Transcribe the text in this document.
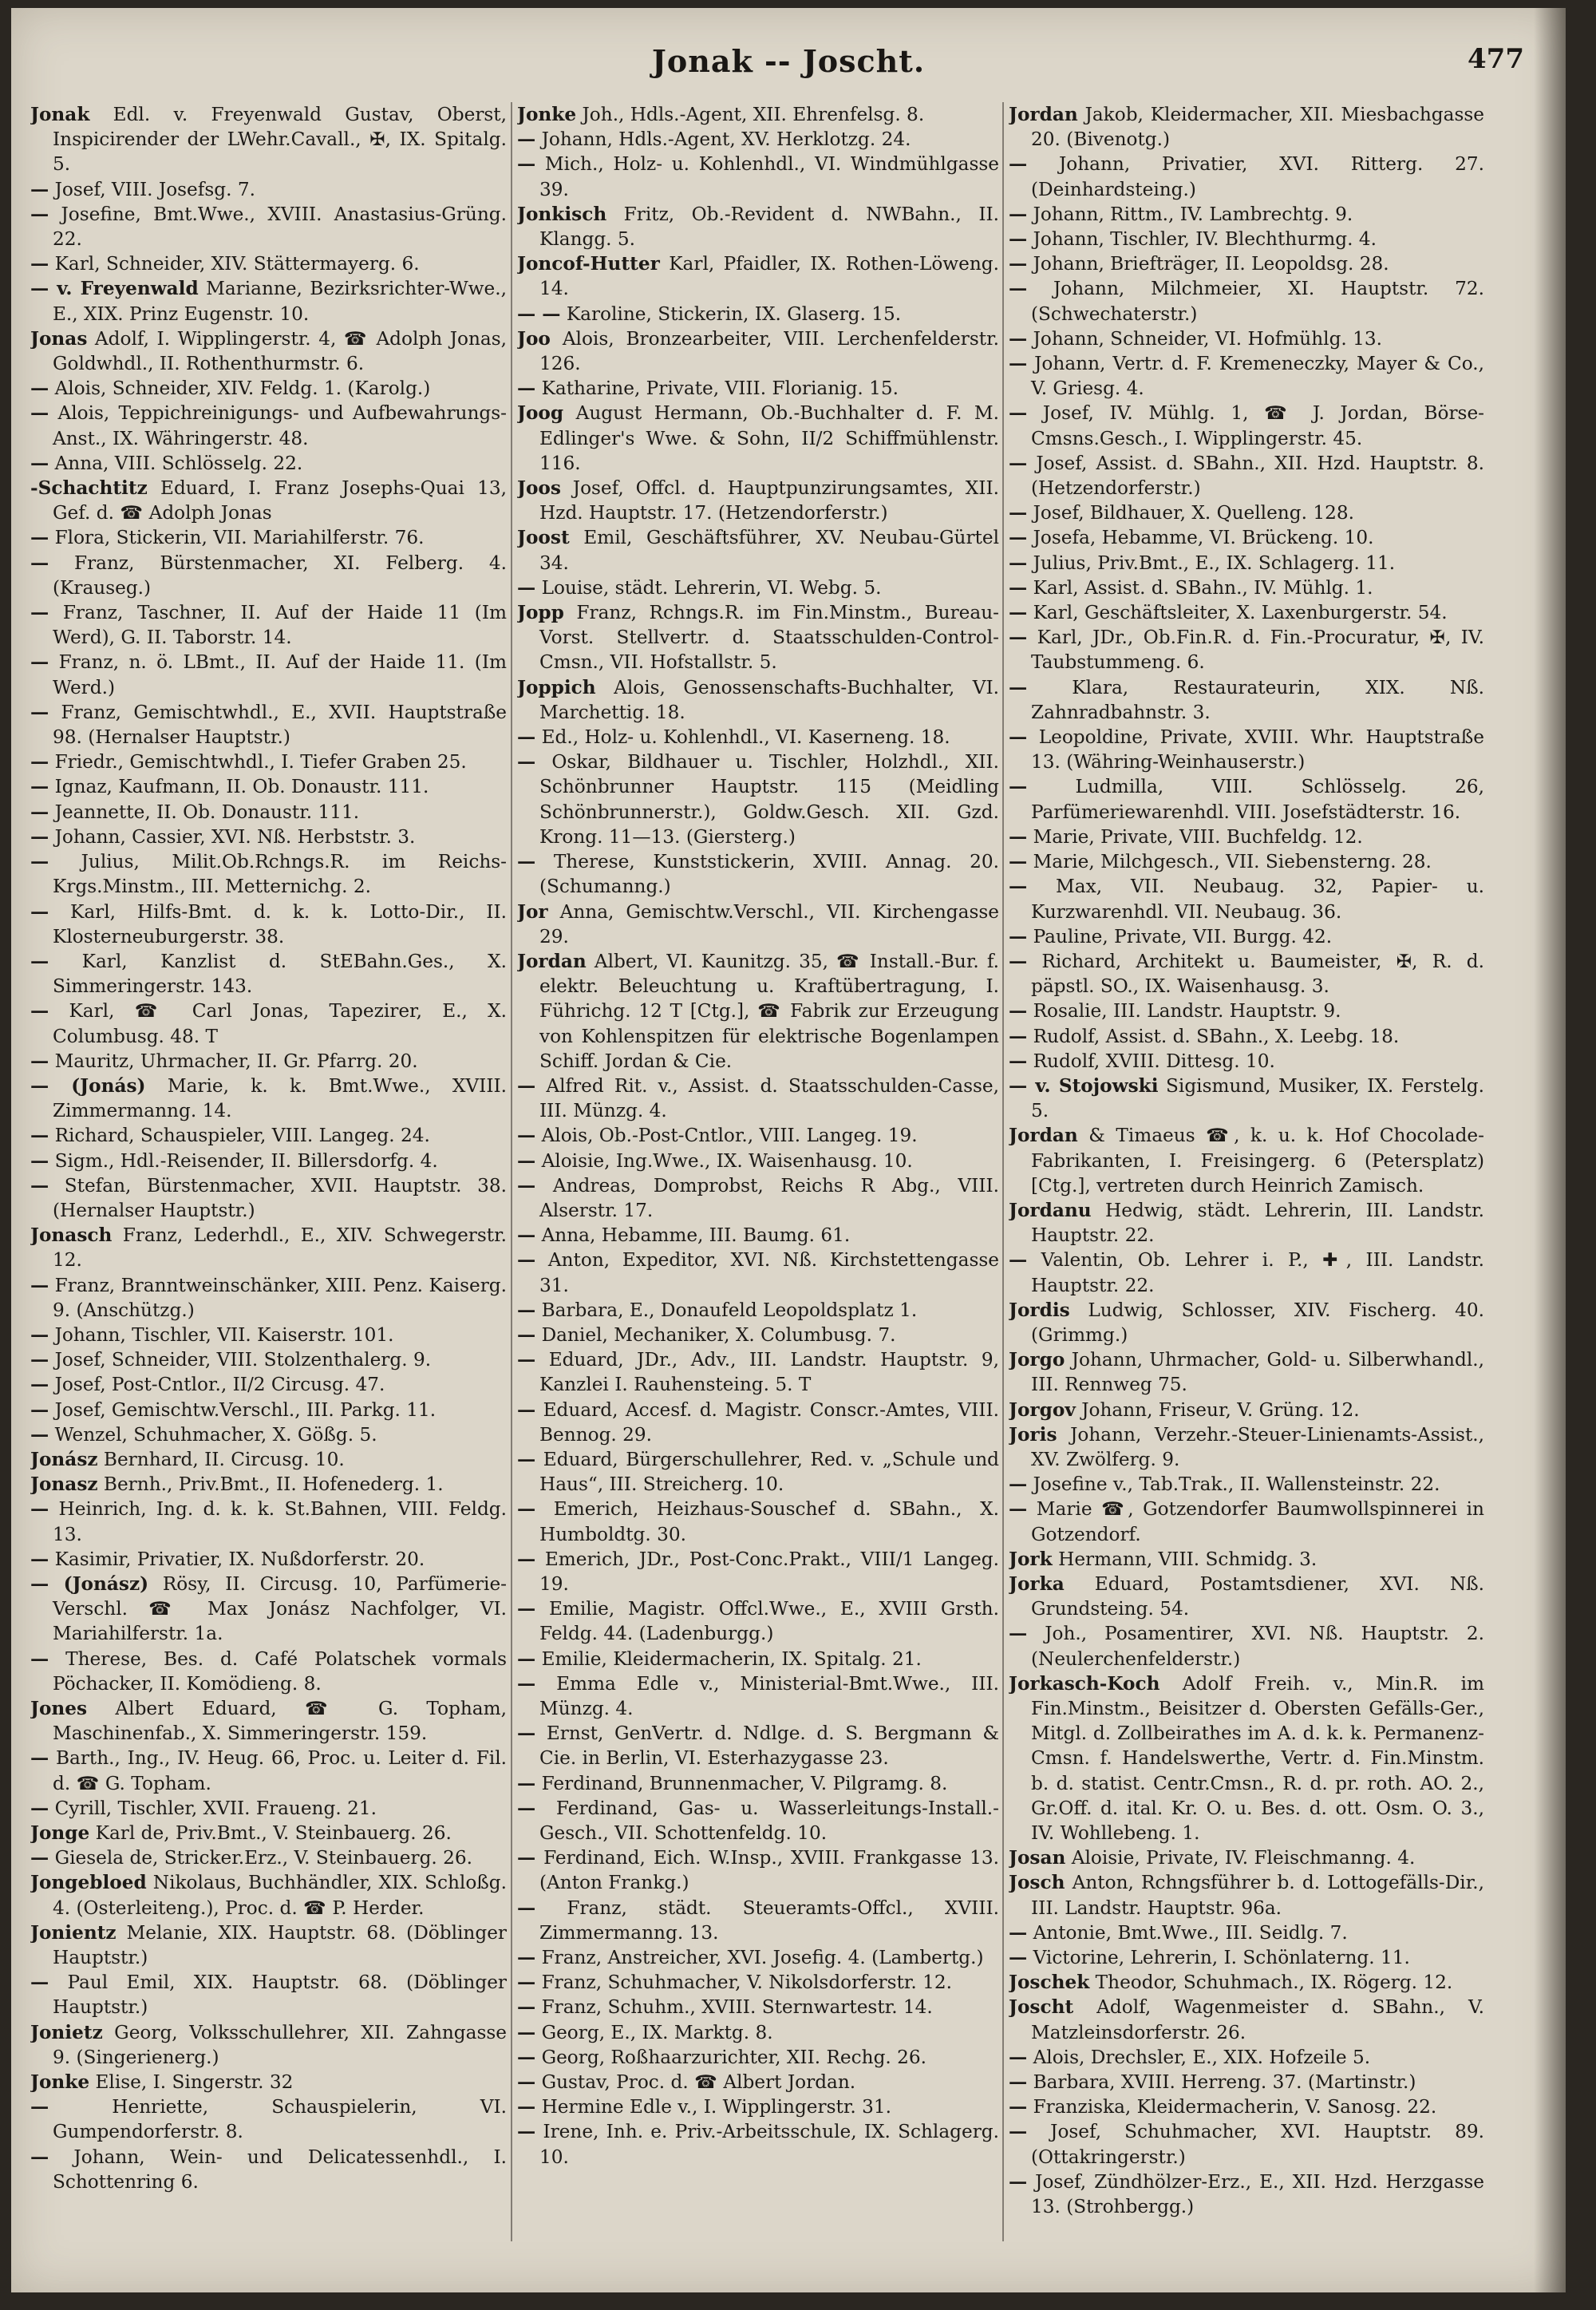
Jonak -- Joscht.	477

Jonak Edl. v. Freyenwald Gustav, Oberst, Inspicirender der LWehr.Cavall., ✠, IX. Spitalg. 5.

— Josef, VIII. Josefsg. 7.

— Josefine, Bmt.Wwe., XVIII. Anastasius-Grüng. 22.

— Karl, Schneider, XIV. Stättermayerg. 6.

— v. Freyenwald Marianne, Bezirksrichter-Wwe., E., XIX. Prinz Eugenstr. 10.

Jonas Adolf, I. Wipplingerstr. 4, ☎ Adolph Jonas, Goldwhdl., II. Rothenthurmstr. 6.

— Alois, Schneider, XIV. Feldg. 1. (Karolg.)

— Alois, Teppichreinigungs- und Aufbewahrungs-Anst., IX. Währingerstr. 48.

— Anna, VIII. Schlösselg. 22.

-Schachtitz Eduard, I. Franz Josephs-Quai 13, Gef. d. ☎ Adolph Jonas

— Flora, Stickerin, VII. Mariahilferstr. 76.

— Franz, Bürstenmacher, XI. Felberg. 4. (Krauseg.)

— Franz, Taschner, II. Auf der Haide 11 (Im Werd), G. II. Taborstr. 14.

— Franz, n. ö. LBmt., II. Auf der Haide 11. (Im Werd.)

— Franz, Gemischtwhdl., E., XVII. Hauptstraße 98. (Hernalser Hauptstr.)

— Friedr., Gemischtwhdl., I. Tiefer Graben 25.

— Ignaz, Kaufmann, II. Ob. Donaustr. 111.

— Jeannette, II. Ob. Donaustr. 111.

— Johann, Cassier, XVI. Nß. Herbststr. 3.

— Julius, Milit.Ob.Rchngs.R. im Reichs-Krgs.Minstm., III. Metternichg. 2.

— Karl, Hilfs-Bmt. d. k. k. Lotto-Dir., II. Klosterneuburgerstr. 38.

— Karl, Kanzlist d. StEBahn.Ges., X. Simmeringerstr. 143.

— Karl, ☎ Carl Jonas, Tapezirer, E., X. Columbusg. 48. T

— Mauritz, Uhrmacher, II. Gr. Pfarrg. 20.

— (Jonás) Marie, k. k. Bmt.Wwe., XVIII. Zimmermanng. 14.

— Richard, Schauspieler, VIII. Langeg. 24.

— Sigm., Hdl.-Reisender, II. Billersdorfg. 4.

— Stefan, Bürstenmacher, XVII. Hauptstr. 38. (Hernalser Hauptstr.)

Jonasch Franz, Lederhdl., E., XIV. Schwegerstr. 12.

— Franz, Branntweinschänker, XIII. Penz. Kaiserg. 9. (Anschützg.)

— Johann, Tischler, VII. Kaiserstr. 101.

— Josef, Schneider, VIII. Stolzenthalerg. 9.

— Josef, Post-Cntlor., II/2 Circusg. 47.

— Josef, Gemischtw.Verschl., III. Parkg. 11.

— Wenzel, Schuhmacher, X. Gößg. 5.

Jonász Bernhard, II. Circusg. 10.

Jonasz Bernh., Priv.Bmt., II. Hofenederg. 1.

— Heinrich, Ing. d. k. k. St.Bahnen, VIII. Feldg. 13.

— Kasimir, Privatier, IX. Nußdorferstr. 20.

— (Jonász) Rösy, II. Circusg. 10, Parfümerie-Verschl. ☎ Max Jonász Nachfolger, VI. Mariahilferstr. 1a.

— Therese, Bes. d. Café Polatschek vormals Pöchacker, II. Komödieng. 8.

Jones Albert Eduard, ☎ G. Topham, Maschinenfab., X. Simmeringerstr. 159.

— Barth., Ing., IV. Heug. 66, Proc. u. Leiter d. Fil. d. ☎ G. Topham.

— Cyrill, Tischler, XVII. Fraueng. 21.

Jonge Karl de, Priv.Bmt., V. Steinbauerg. 26.

— Giesela de, Stricker.Erz., V. Steinbauerg. 26.

Jongebloed Nikolaus, Buchhändler, XIX. Schloßg. 4. (Osterleiteng.), Proc. d. ☎ P. Herder.

Jonientz Melanie, XIX. Hauptstr. 68. (Döblinger Hauptstr.)

— Paul Emil, XIX. Hauptstr. 68. (Döblinger Hauptstr.)

Jonietz Georg, Volksschullehrer, XII. Zahngasse 9. (Singerienerg.)

Jonke Elise, I. Singerstr. 32

—	Henriette, Schauspielerin, VI. Gumpendorferstr. 8.

— Johann, Wein- und Delicatessenhdl., I. Schottenring 6.

Jonke Joh., Hdls.-Agent, XII. Ehrenfelsg. 8.

— Johann, Hdls.-Agent, XV. Herklotzg. 24.

— Mich., Holz- u. Kohlenhdl., VI. Windmühlgasse 39.

Jonkisch Fritz, Ob.-Revident d. NWBahn., II. Klangg. 5.

Joncof-Hutter Karl, Pfaidler, IX. Rothen-Löweng. 14.

— — Karoline, Stickerin, IX. Glaserg. 15.

Joo Alois, Bronzearbeiter, VIII. Lerchenfelderstr. 126.

— Katharine, Private, VIII. Florianig. 15.

Joog August Hermann, Ob.-Buchhalter d. F. M. Edlinger's Wwe. & Sohn, II/2 Schiffmühlenstr. 116.

Joos Josef, Offcl. d. Hauptpunzirungsamtes, XII. Hzd. Hauptstr. 17. (Hetzendorferstr.)

Joost Emil, Geschäftsführer, XV. Neubau-Gürtel 34.

— Louise, städt. Lehrerin, VI. Webg. 5.

Jopp Franz, Rchngs.R. im Fin.Minstm., Bureau-Vorst. Stellvertr. d. Staatsschulden-Control-Cmsn., VII. Hofstallstr. 5.

Joppich Alois, Genossenschafts-Buchhalter, VI. Marchettig. 18.

— Ed., Holz- u. Kohlenhdl., VI. Kaserneng. 18.

— Oskar, Bildhauer u. Tischler, Holzhdl., XII. Schönbrunner Hauptstr. 115 (Meidling Schönbrunnerstr.), Goldw.Gesch. XII. Gzd. Krong. 11—13. (Giersterg.)

— Therese, Kunststickerin, XVIII. Annag. 20. (Schumanng.)

Jor Anna, Gemischtw.Verschl., VII. Kirchengasse 29.

Jordan Albert, VI. Kaunitzg. 35, ☎ Install.-Bur. f. elektr. Beleuchtung u. Kraftübertragung, I. Führichg. 12 T [Ctg.], ☎ Fabrik zur Erzeugung von Kohlenspitzen für elektrische Bogenlampen Schiff. Jordan & Cie.

— Alfred Rit. v., Assist. d. Staatsschulden-Casse, III. Münzg. 4.

— Alois, Ob.-Post-Cntlor., VIII. Langeg. 19.

— Aloisie, Ing.Wwe., IX. Waisenhausg. 10.

— Andreas, Domprobst, Reichs R Abg., VIII. Alserstr. 17.

— Anna, Hebamme, III. Baumg. 61.

— Anton, Expeditor, XVI. Nß. Kirchstettengasse 31.

— Barbara, E., Donaufeld Leopoldsplatz 1.

— Daniel, Mechaniker, X. Columbusg. 7.

— Eduard, JDr., Adv., III. Landstr. Hauptstr. 9, Kanzlei I. Rauhensteing. 5. T

— Eduard, Accesf. d. Magistr. Conscr.-Amtes, VIII. Bennog. 29.

— Eduard, Bürgerschullehrer, Red. v. „Schule und Haus“, III. Streicherg. 10.

— Emerich, Heizhaus-Souschef d. SBahn., X. Humboldtg. 30.

— Emerich, JDr., Post-Conc.Prakt., VIII/1 Langeg. 19.

— Emilie, Magistr. Offcl.Wwe., E., XVIII Grsth. Feldg. 44. (Ladenburgg.)

— Emilie, Kleidermacherin, IX. Spitalg. 21.

— Emma Edle v., Ministerial-Bmt.Wwe., III. Münzg. 4.

— Ernst, GenVertr. d. Ndlge. d. S. Bergmann & Cie. in Berlin, VI. Esterhazygasse 23.

— Ferdinand, Brunnenmacher, V. Pilgramg. 8.

— Ferdinand, Gas- u. Wasserleitungs-Install.-Gesch., VII. Schottenfeldg. 10.

— Ferdinand, Eich. W.Insp., XVIII. Frankgasse 13. (Anton Frankg.)

— Franz, städt. Steueramts-Offcl., XVIII. Zimmermanng. 13.

— Franz, Anstreicher, XVI. Josefig. 4. (Lambertg.)

— Franz, Schuhmacher, V. Nikolsdorferstr. 12.

— Franz, Schuhm., XVIII. Sternwartestr. 14.

— Georg, E., IX. Marktg. 8.

— Georg, Roßhaarzurichter, XII. Rechg. 26.

— Gustav, Proc. d. ☎ Albert Jordan.

— Hermine Edle v., I. Wipplingerstr. 31.

— Irene, Inh. e. Priv.-Arbeitsschule, IX. Schlagerg. 10.

Jordan Jakob, Kleidermacher, XII. Miesbachgasse 20. (Bivenotg.)

— Johann, Privatier, XVI. Ritterg. 27. (Deinhardsteing.)

— Johann, Rittm., IV. Lambrechtg. 9.

— Johann, Tischler, IV. Blechthurmg. 4.

— Johann, Briefträger, II. Leopoldsg. 28.

— Johann, Milchmeier, XI. Hauptstr. 72. (Schwechaterstr.)

— Johann, Schneider, VI. Hofmühlg. 13.

— Johann, Vertr. d. F. Kremeneczky, Mayer & Co., V. Griesg. 4.

— Josef, IV. Mühlg. 1, ☎ J. Jordan, Börse-Cmsns.Gesch., I. Wipplingerstr. 45.

— Josef, Assist. d. SBahn., XII. Hzd. Hauptstr. 8. (Hetzendorferstr.)

— Josef, Bildhauer, X. Quelleng. 128.

— Josefa, Hebamme, VI. Brückeng. 10.

— Julius, Priv.Bmt., E., IX. Schlagerg. 11.

— Karl, Assist. d. SBahn., IV. Mühlg. 1.

— Karl, Geschäftsleiter, X. Laxenburgerstr. 54.

— Karl, JDr., Ob.Fin.R. d. Fin.-Procuratur, ✠, IV. Taubstummeng. 6.

— Klara, Restaurateurin, XIX. Nß. Zahnradbahnstr. 3.

— Leopoldine, Private, XVIII. Whr. Hauptstraße 13. (Währing-Weinhauserstr.)

—	Ludmilla, VIII. Schlösselg. 26, Parfümeriewarenhdl. VIII. Josefstädterstr. 16.

— Marie, Private, VIII. Buchfeldg. 12.

— Marie, Milchgesch., VII. Siebensterng. 28.

— Max, VII. Neubaug. 32, Papier- u. Kurzwarenhdl. VII. Neubaug. 36.

— Pauline, Private, VII. Burgg. 42.

— Richard, Architekt u. Baumeister, ✠, R. d. päpstl. SO., IX. Waisenhausg. 3.

— Rosalie, III. Landstr. Hauptstr. 9.

— Rudolf, Assist. d. SBahn., X. Leebg. 18.

— Rudolf, XVIII. Dittesg. 10.

— v. Stojowski Sigismund, Musiker, IX. Ferstelg. 5.

Jordan & Timaeus ☎, k. u. k. Hof Chocolade-Fabrikanten, I. Freisingerg. 6 (Petersplatz) [Ctg.], vertreten durch Heinrich Zamisch.

Jordanu Hedwig, städt. Lehrerin, III. Landstr. Hauptstr. 22.

— Valentin, Ob. Lehrer i. P., ✚, III. Landstr. Hauptstr. 22.

Jordis Ludwig, Schlosser, XIV. Fischerg. 40. (Grimmg.)

Jorgo Johann, Uhrmacher, Gold- u. Silberwhandl., III. Rennweg 75.

Jorgov Johann, Friseur, V. Grüng. 12.

Joris Johann, Verzehr.-Steuer-Linienamts-Assist., XV. Zwölferg. 9.

— Josefine v., Tab.Trak., II. Wallensteinstr. 22.

— Marie ☎, Gotzendorfer Baumwollspinnerei in Gotzendorf.

Jork Hermann, VIII. Schmidg. 3.

Jorka Eduard, Postamtsdiener, XVI. Nß. Grundsteing. 54.

— Joh., Posamentirer, XVI. Nß. Hauptstr. 2. (Neulerchenfelderstr.)

Jorkasch-Koch Adolf Freih. v., Min.R. im Fin.Minstm., Beisitzer d. Obersten Gefälls-Ger., Mitgl. d. Zollbeirathes im A. d. k. k. Permanenz-Cmsn. f. Handelswerthe, Vertr. d. Fin.Minstm. b. d. statist. Centr.Cmsn., R. d. pr. roth. AO. 2., Gr.Off. d. ital. Kr. O. u. Bes. d. ott. Osm. O. 3., IV. Wohllebeng. 1.

Josan Aloisie, Private, IV. Fleischmanng. 4.

Josch Anton, Rchngsführer b. d. Lottogefälls-Dir., III. Landstr. Hauptstr. 96a.

— Antonie, Bmt.Wwe., III. Seidlg. 7.

— Victorine, Lehrerin, I. Schönlaterng. 11.

Joschek Theodor, Schuhmach., IX. Rögerg. 12.

Joscht Adolf, Wagenmeister d. SBahn., V. Matzleinsdorferstr. 26.

— Alois, Drechsler, E., XIX. Hofzeile 5.

— Barbara, XVIII. Herreng. 37. (Martinstr.)

— Franziska, Kleidermacherin, V. Sanosg. 22.

— Josef, Schuhmacher, XVI. Hauptstr. 89. (Ottakringerstr.)

— Josef, Zündhölzer-Erz., E., XII. Hzd. Herzgasse 13. (Strohbergg.)
